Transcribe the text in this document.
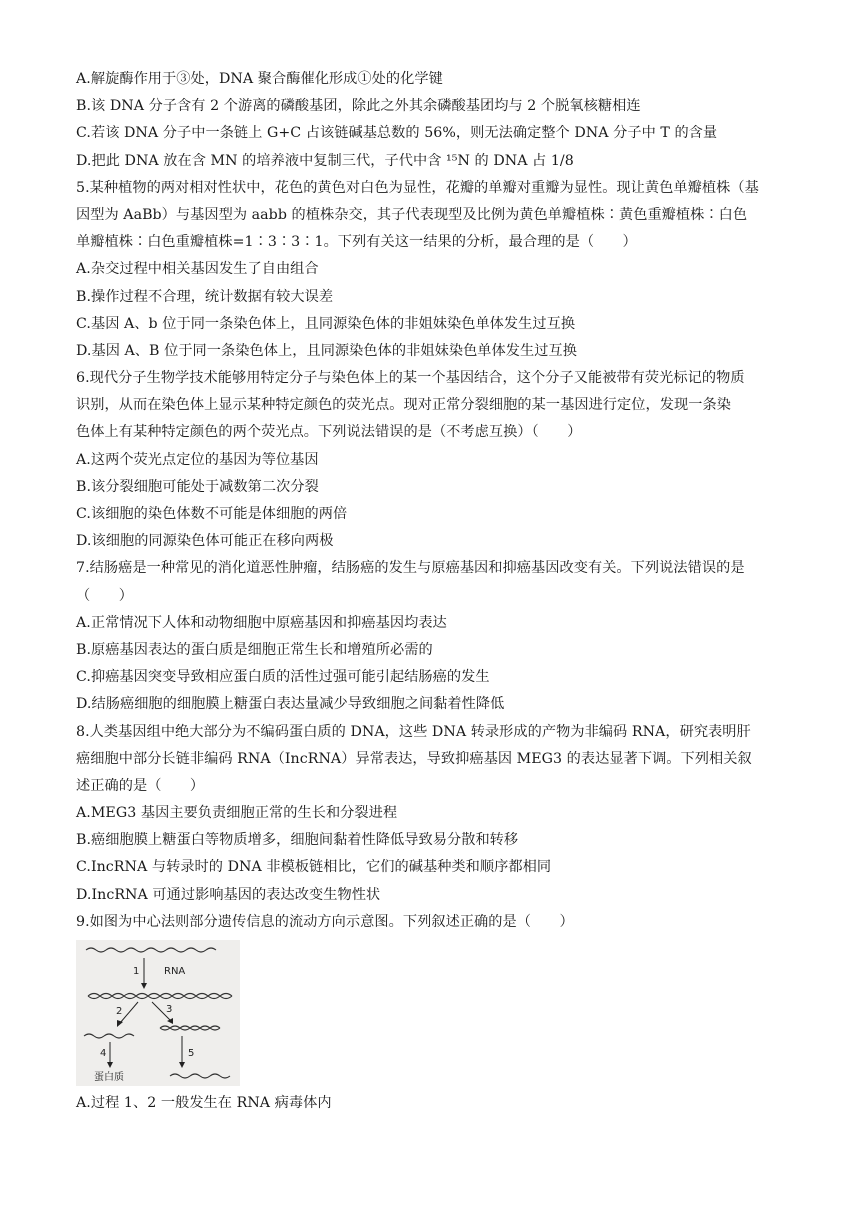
A.解旋酶作用于③处，DNA 聚合酶催化形成①处的化学键
B.该 DNA 分子含有 2 个游离的磷酸基团，除此之外其余磷酸基团均与 2 个脱氧核糖相连
C.若该 DNA 分子中一条链上 G+C 占该链碱基总数的 56%，则无法确定整个 DNA 分子中 T 的含量
D.把此 DNA 放在含 MN 的培养液中复制三代，子代中含 ¹⁵N 的 DNA 占 1/8
5.某种植物的两对相对性状中，花色的黄色对白色为显性，花瓣的单瓣对重瓣为显性。现让黄色单瓣植株（基
因型为 AaBb）与基因型为 aabb 的植株杂交，其子代表现型及比例为黄色单瓣植株∶黄色重瓣植株∶白色
单瓣植株∶白色重瓣植株=1∶3∶3∶1。下列有关这一结果的分析，最合理的是（　　）
A.杂交过程中相关基因发生了自由组合
B.操作过程不合理，统计数据有较大误差
C.基因 A、b 位于同一条染色体上，且同源染色体的非姐妹染色单体发生过互换
D.基因 A、B 位于同一条染色体上，且同源染色体的非姐妹染色单体发生过互换
6.现代分子生物学技术能够用特定分子与染色体上的某一个基因结合，这个分子又能被带有荧光标记的物质
识别，从而在染色体上显示某种特定颜色的荧光点。现对正常分裂细胞的某一基因进行定位，发现一条染
色体上有某种特定颜色的两个荧光点。下列说法错误的是（不考虑互换）（　　）
A.这两个荧光点定位的基因为等位基因
B.该分裂细胞可能处于减数第二次分裂
C.该细胞的染色体数不可能是体细胞的两倍
D.该细胞的同源染色体可能正在移向两极
7.结肠癌是一种常见的消化道恶性肿瘤，结肠癌的发生与原癌基因和抑癌基因改变有关。下列说法错误的是
（　　）
A.正常情况下人体和动物细胞中原癌基因和抑癌基因均表达
B.原癌基因表达的蛋白质是细胞正常生长和增殖所必需的
C.抑癌基因突变导致相应蛋白质的活性过强可能引起结肠癌的发生
D.结肠癌细胞的细胞膜上糖蛋白表达量减少导致细胞之间黏着性降低
8.人类基因组中绝大部分为不编码蛋白质的 DNA，这些 DNA 转录形成的产物为非编码 RNA，研究表明肝
癌细胞中部分长链非编码 RNA（IncRNA）异常表达，导致抑癌基因 MEG3 的表达显著下调。下列相关叙
述正确的是（　　）
A.MEG3 基因主要负责细胞正常的生长和分裂进程
B.癌细胞膜上糖蛋白等物质增多，细胞间黏着性降低导致易分散和转移
C.IncRNA 与转录时的 DNA 非模板链相比，它们的碱基种类和顺序都相同
D.IncRNA 可通过影响基因的表达改变生物性状
9.如图为中心法则部分遗传信息的流动方向示意图。下列叙述正确的是（　　）
1 RNA
2	3
4	5
蛋白质
A.过程 1、2 一般发生在 RNA 病毒体内
